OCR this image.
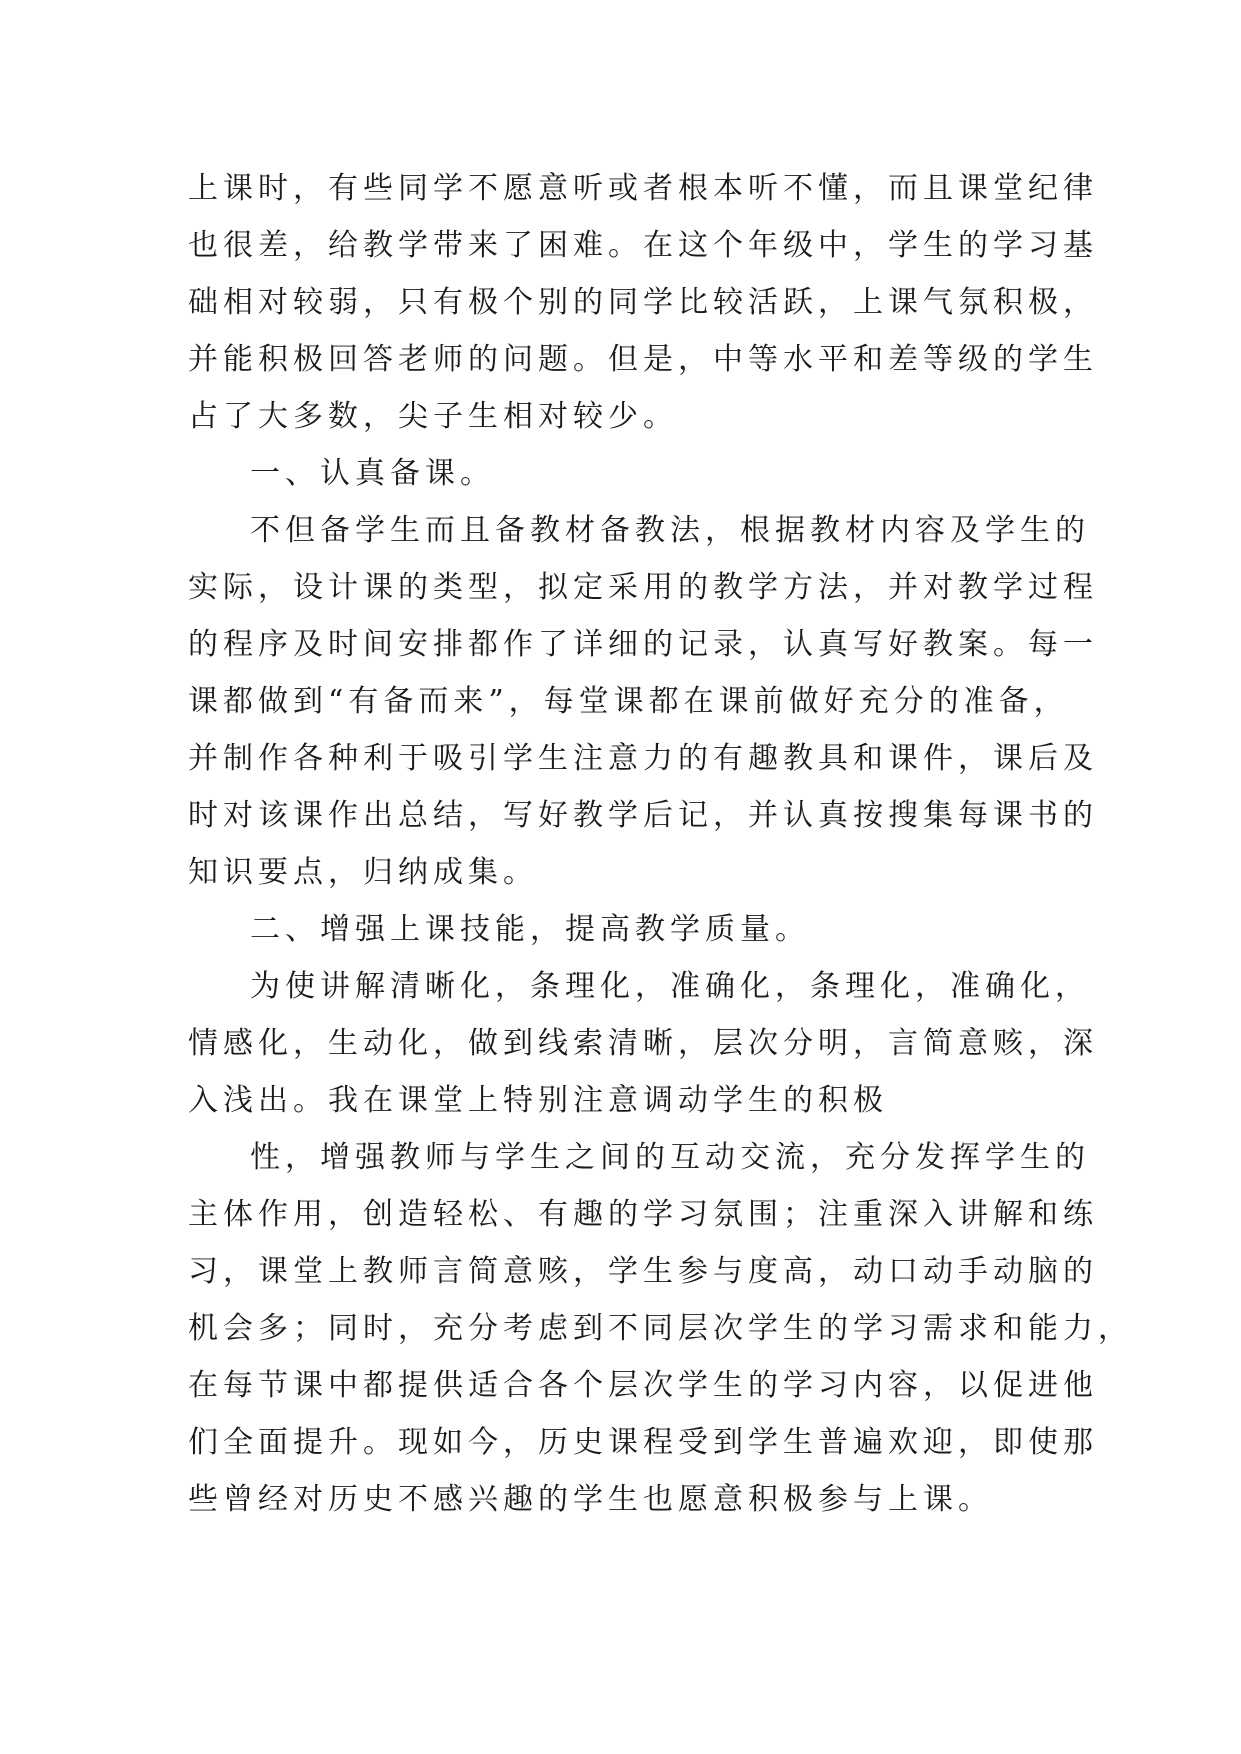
上课时，有些同学不愿意听或者根本听不懂，而且课堂纪律
也很差，给教学带来了困难。在这个年级中，学生的学习基
础相对较弱，只有极个别的同学比较活跃，上课气氛积极，
并能积极回答老师的问题。但是，中等水平和差等级的学生
占了大多数，尖子生相对较少。
一、认真备课。
不但备学生而且备教材备教法，根据教材内容及学生的
实际，设计课的类型，拟定采用的教学方法，并对教学过程
的程序及时间安排都作了详细的记录，认真写好教案。每一
课都做到“有备而来”，每堂课都在课前做好充分的准备，
并制作各种利于吸引学生注意力的有趣教具和课件，课后及
时对该课作出总结，写好教学后记，并认真按搜集每课书的
知识要点，归纳成集。
二、增强上课技能，提高教学质量。
为使讲解清晰化，条理化，准确化，条理化，准确化，
情感化，生动化，做到线索清晰，层次分明，言简意赅，深
入浅出。我在课堂上特别注意调动学生的积极
性，增强教师与学生之间的互动交流，充分发挥学生的
主体作用，创造轻松、有趣的学习氛围；注重深入讲解和练
习，课堂上教师言简意赅，学生参与度高，动口动手动脑的
机会多；同时，充分考虑到不同层次学生的学习需求和能力，
在每节课中都提供适合各个层次学生的学习内容，以促进他
们全面提升。现如今，历史课程受到学生普遍欢迎，即使那
些曾经对历史不感兴趣的学生也愿意积极参与上课。
